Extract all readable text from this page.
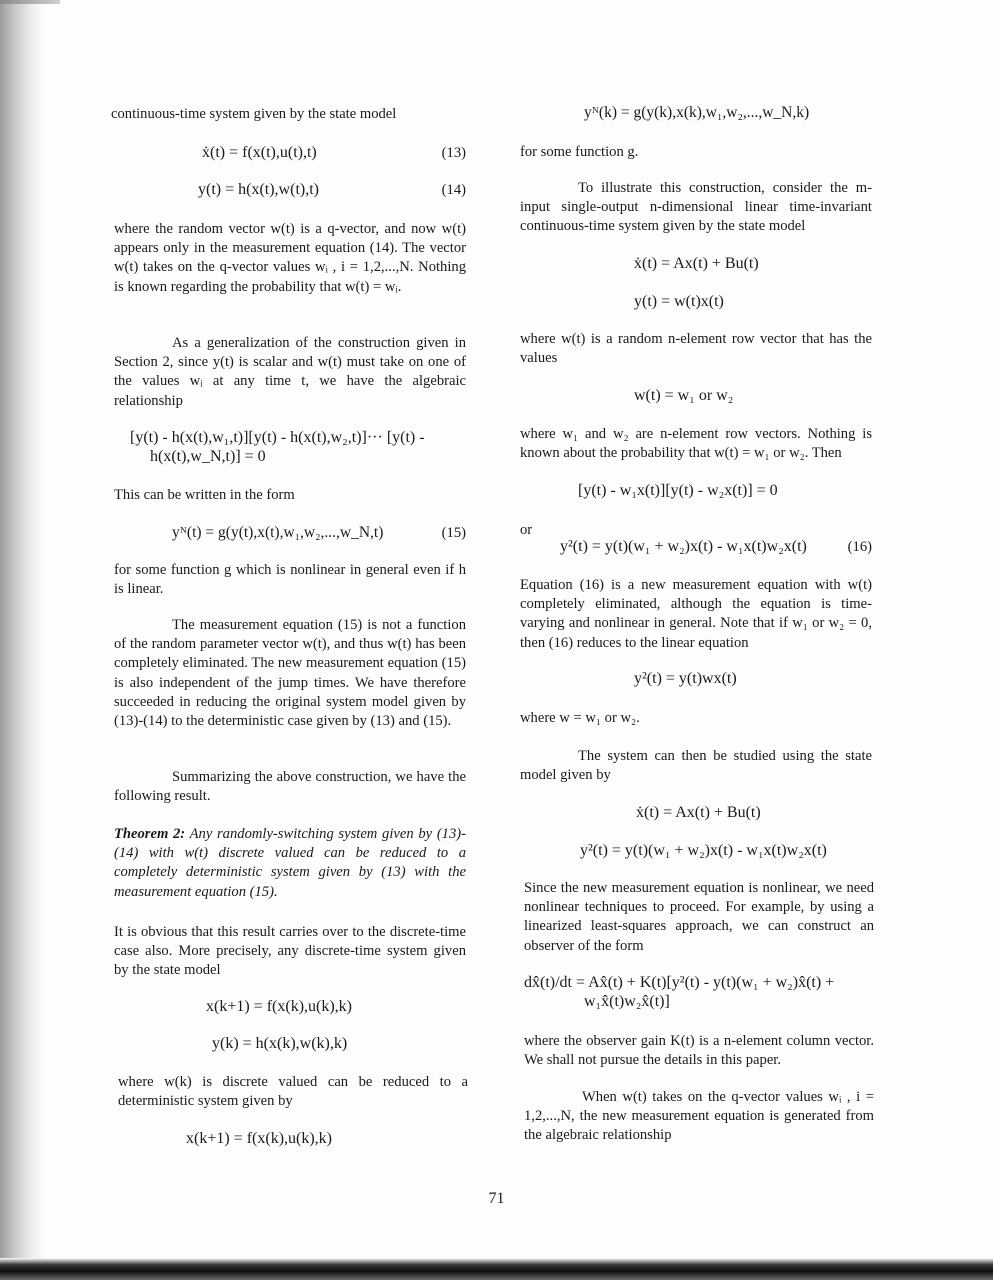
continuous-time system given by the state model
ẋ(t) = f(x(t),u(t),t)	(13)
y(t) = h(x(t),w(t),t)	(14)
where the random vector w(t) is a q-vector, and now w(t) appears only in the measurement equation (14). The vector w(t) takes on the q-vector values wᵢ , i = 1,2,...,N. Nothing is known regarding the probability that w(t) = wᵢ.
As a generalization of the construction given in Section 2, since y(t) is scalar and w(t) must take on one of the values wᵢ at any time t, we have the algebraic relationship
[y(t) - h(x(t),w₁,t)][y(t) - h(x(t),w₂,t)]··· [y(t) -
h(x(t),w_N,t)] = 0
This can be written in the form
yᴺ(t) = g(y(t),x(t),w₁,w₂,...,w_N,t)	(15)
for some function g which is nonlinear in general even if h is linear.
The measurement equation (15) is not a function of the random parameter vector w(t), and thus w(t) has been completely eliminated. The new measurement equation (15) is also independent of the jump times. We have therefore succeeded in reducing the original system model given by (13)-(14) to the deterministic case given by (13) and (15).
Summarizing the above construction, we have the following result.
Theorem 2: Any randomly-switching system given by (13)-(14) with w(t) discrete valued can be reduced to a completely deterministic system given by (13) with the measurement equation (15).
It is obvious that this result carries over to the discrete-time case also. More precisely, any discrete-time system given by the state model
x(k+1) = f(x(k),u(k),k)
y(k) = h(x(k),w(k),k)
where w(k) is discrete valued can be reduced to a deterministic system given by
x(k+1) = f(x(k),u(k),k)
yᴺ(k) = g(y(k),x(k),w₁,w₂,...,w_N,k)
for some function g.
To illustrate this construction, consider the m-input single-output n-dimensional linear time-invariant continuous-time system given by the state model
ẋ(t) = Ax(t) + Bu(t)
y(t) = w(t)x(t)
where w(t) is a random n-element row vector that has the values
w(t) = w₁ or w₂
where w₁ and w₂ are n-element row vectors. Nothing is known about the probability that w(t) = w₁ or w₂. Then
[y(t) - w₁x(t)][y(t) - w₂x(t)] = 0
or
y²(t) = y(t)(w₁ + w₂)x(t) - w₁x(t)w₂x(t)	(16)
Equation (16) is a new measurement equation with w(t) completely eliminated, although the equation is time-varying and nonlinear in general. Note that if w₁ or w₂ = 0, then (16) reduces to the linear equation
y²(t) = y(t)wx(t)
where w = w₁ or w₂.
The system can then be studied using the state model given by
ẋ(t) = Ax(t) + Bu(t)
y²(t) = y(t)(w₁ + w₂)x(t) - w₁x(t)w₂x(t)
Since the new measurement equation is nonlinear, we need nonlinear techniques to proceed. For example, by using a linearized least-squares approach, we can construct an observer of the form
dx̂(t)/dt = Ax̂(t) + K(t)[y²(t) - y(t)(w₁ + w₂)x̂(t) +
w₁x̂(t)w₂x̂(t)]
where the observer gain K(t) is a n-element column vector. We shall not pursue the details in this paper.
When w(t) takes on the q-vector values wᵢ , i = 1,2,...,N, the new measurement equation is generated from the algebraic relationship
71
